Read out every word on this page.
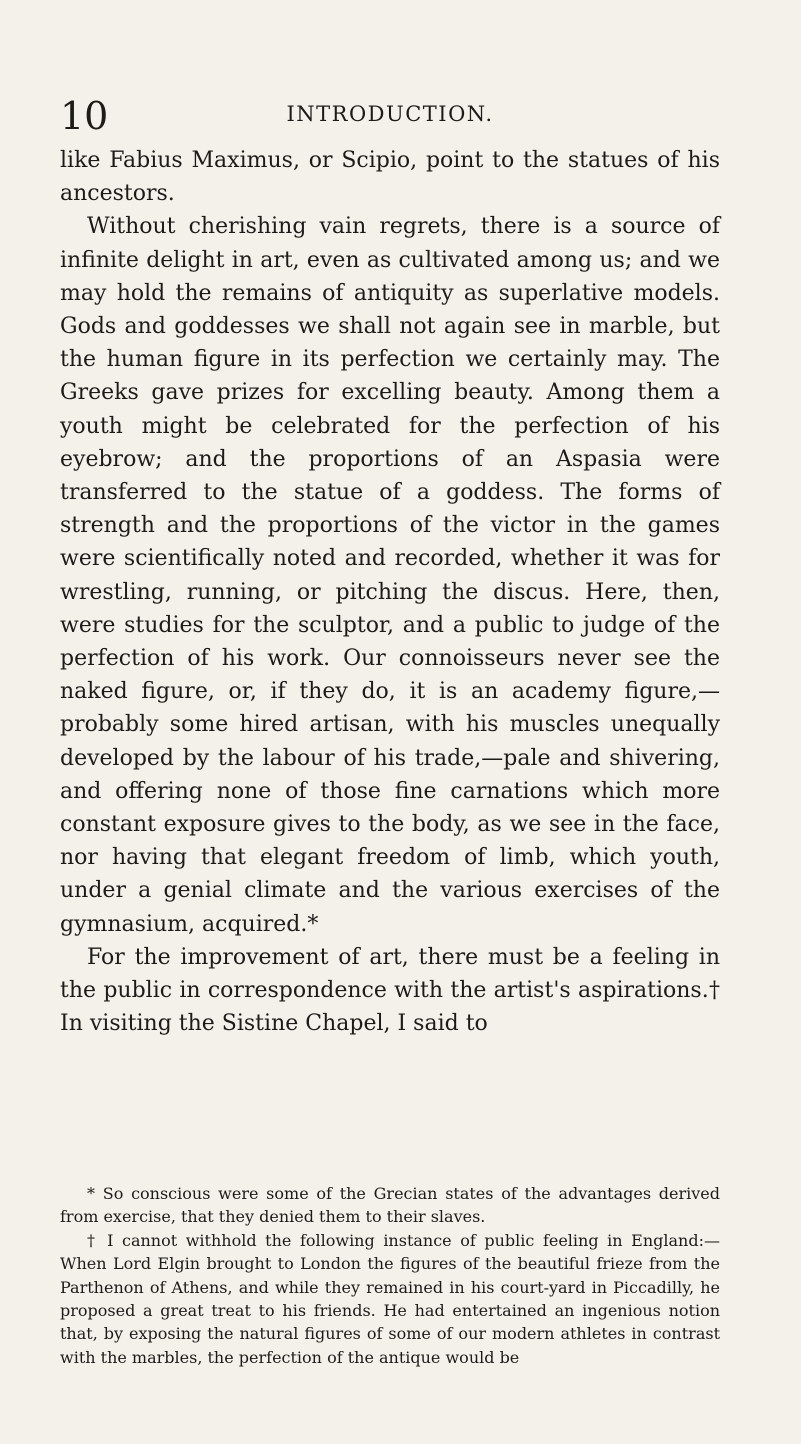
10	INTRODUCTION.

like Fabius Maximus, or Scipio, point to the statues of his ancestors.

Without cherishing vain regrets, there is a source of infinite delight in art, even as cultivated among us; and we may hold the remains of antiquity as superlative models. Gods and goddesses we shall not again see in marble, but the human figure in its perfection we certainly may. The Greeks gave prizes for excelling beauty. Among them a youth might be celebrated for the perfection of his eyebrow; and the proportions of an Aspasia were transferred to the statue of a goddess. The forms of strength and the proportions of the victor in the games were scientifically noted and recorded, whether it was for wrestling, running, or pitching the discus. Here, then, were studies for the sculptor, and a public to judge of the perfection of his work. Our connoisseurs never see the naked figure, or, if they do, it is an academy figure,—probably some hired artisan, with his muscles unequally developed by the labour of his trade,—pale and shivering, and offering none of those fine carnations which more constant exposure gives to the body, as we see in the face, nor having that elegant freedom of limb, which youth, under a genial climate and the various exercises of the gymnasium, acquired.*

For the improvement of art, there must be a feeling in the public in correspondence with the artist's aspirations.† In visiting the Sistine Chapel, I said to

* So conscious were some of the Grecian states of the advantages derived from exercise, that they denied them to their slaves.

† I cannot withhold the following instance of public feeling in England:—When Lord Elgin brought to London the figures of the beautiful frieze from the Parthenon of Athens, and while they remained in his court-yard in Piccadilly, he proposed a great treat to his friends. He had entertained an ingenious notion that, by exposing the natural figures of some of our modern athletes in contrast with the marbles, the perfection of the antique would be
